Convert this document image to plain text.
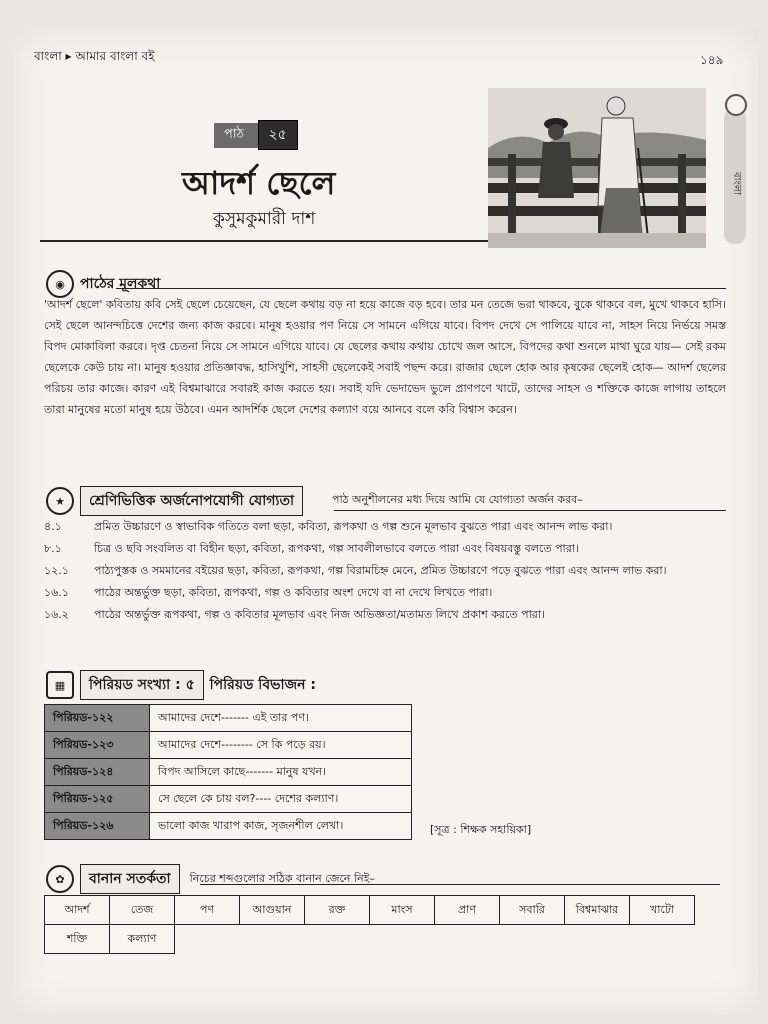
বাংলা ▸ আমার বাংলা বই	১৪৯
পাঠ	২৫
আদর্শ ছেলে
কুসুমকুমারী দাশ
বাংলা
◉	পাঠের মূলকথা
'আদর্শ ছেলে' কবিতায় কবি সেই ছেলে চেয়েছেন, যে ছেলে কথায় বড় না হয়ে কাজে বড় হবে। তার মন তেজে ভরা থাকবে, বুকে থাকবে বল, মুখে থাকবে হাসি। সেই ছেলে আনন্দচিত্তে দেশের জন্য কাজ করবে। মানুষ হওয়ার পণ নিয়ে সে সামনে এগিয়ে যাবে। বিপদ দেখে সে পালিয়ে যাবে না, সাহস নিয়ে নির্ভয়ে সমস্ত বিপদ মোকাবিলা করবে। দৃপ্ত চেতনা নিয়ে সে সামনে এগিয়ে যাবে। যে ছেলের কথায় কথায় চোখে জল আসে, বিপদের কথা শুনলে মাথা ঘুরে যায়— সেই রকম ছেলেকে কেউ চায় না। মানুষ হওয়ার প্রতিজ্ঞাবদ্ধ, হাসিখুশি, সাহসী ছেলেকেই সবাই পছন্দ করে। রাজার ছেলে হোক আর কৃষকের ছেলেই হোক— আদর্শ ছেলের পরিচয় তার কাজে। কারণ এই বিশ্বমাঝারে সবারই কাজ করতে হয়। সবাই যদি ভেদাভেদ ভুলে প্রাণপণে খাটে, তাদের সাহস ও শক্তিকে কাজে লাগায় তাহলে তারা মানুষের মতো মানুষ হয়ে উঠবে। এমন আদর্শিক ছেলে দেশের কল্যাণ বয়ে আনবে বলে কবি বিশ্বাস করেন।
★	শ্রেণিভিত্তিক অর্জনোপযোগী যোগ্যতা	পাঠ অনুশীলনের মধ্য দিয়ে আমি যে যোগ্যতা অর্জন করব–
৪.১	প্রমিত উচ্চারণে ও স্বাভাবিক গতিতে বলা ছড়া, কবিতা, রূপকথা ও গল্প শুনে মূলভাব বুঝতে পারা এবং আনন্দ লাভ করা।
৮.১	চিত্র ও ছবি সংবলিত বা বিহীন ছড়া, কবিতা, রূপকথা, গল্প সাবলীলভাবে বলতে পারা এবং বিষয়বস্তু বলতে পারা।
১২.১	পাঠ্যপুস্তক ও সমমানের বইয়ের ছড়া, কবিতা, রূপকথা, গল্প বিরামচিহ্ন মেনে, প্রমিত উচ্চারণে পড়ে বুঝতে পারা এবং আনন্দ লাভ করা।
১৬.১	পাঠের অন্তর্ভুক্ত ছড়া, কবিতা, রূপকথা, গল্প ও কবিতার অংশ দেখে বা না দেখে লিখতে পারা।
১৬.২	পাঠের অন্তর্ভুক্ত রূপকথা, গল্প ও কবিতার মূলভাব এবং নিজ অভিজ্ঞতা/মতামত লিখে প্রকাশ করতে পারা।
▦	পিরিয়ড সংখ্যা : ৫	পিরিয়ড বিভাজন :
পিরিয়ড-১২২	আমাদের দেশে------- এই তার পণ।
পিরিয়ড-১২৩	আমাদের দেশে-------- সে কি পড়ে রয়।
পিরিয়ড-১২৪	বিপদ আসিলে কাছে------- মানুষ যখন।
পিরিয়ড-১২৫	সে ছেলে কে চায় বল?---- দেশের কল্যাণ।
পিরিয়ড-১২৬	ভালো কাজ খারাপ কাজ, সৃজনশীল লেখা।	[সূত্র : শিক্ষক সহায়িকা]
✿	বানান সতর্কতা	নিচের শব্দগুলোর সঠিক বানান জেনে নিই–
আদর্শ	তেজ	পণ	আগুয়ান	রক্ত	মাংস	প্রাণ	সবারি	বিশ্বমাঝার	খাটো
শক্তি	কল্যাণ								
